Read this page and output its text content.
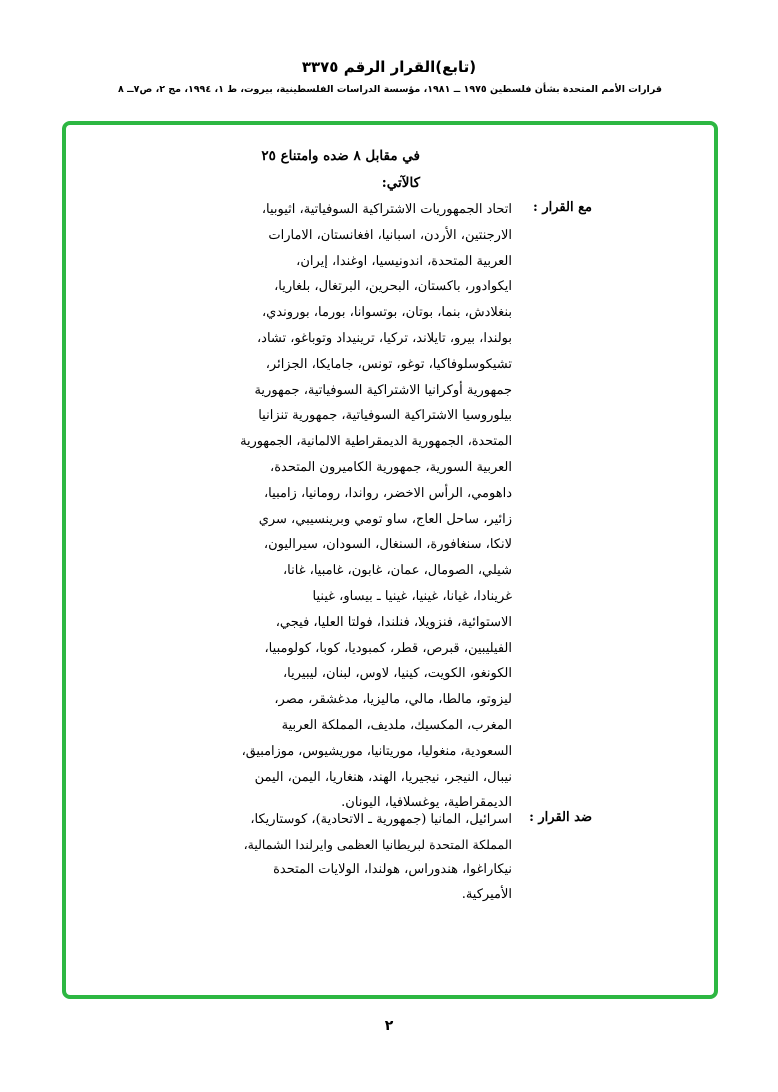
(تابع)القرار الرقم ٣٣٧٥
قرارات الأمم المتحدة بشأن فلسطين ١٩٧٥ ــ ١٩٨١، مؤسسة الدراسات الفلسطينية، بيروت، ط ١، ١٩٩٤، مج ٢، ص٧ــ ٨
في مقابل ٨ ضده وامتناع ٢٥
كالآتي:
مع القرار :
اتحاد الجمهوريات الاشتراكية السوفياتية، اثيوبيا،
الارجنتين، الأردن، اسبانيا، افغانستان، الامارات
العربية المتحدة، اندونيسيا، اوغندا، إيران،
ايكوادور، باكستان، البحرين، البرتغال، بلغاريا،
بنغلادش، بنما، بوتان، بوتسوانا، بورما، بوروندي،
بولندا، بيرو، تايلاند، تركيا، ترينيداد وتوباغو، تشاد،
تشيكوسلوفاكيا، توغو، تونس، جامايكا، الجزائر،
جمهورية أوكرانيا الاشتراكية السوفياتية، جمهورية
بيلوروسيا الاشتراكية السوفياتية، جمهورية تنزانيا
المتحدة، الجمهورية الديمقراطية الالمانية، الجمهورية
العربية السورية، جمهورية الكاميرون المتحدة،
داهومي، الرأس الاخضر، رواندا، رومانيا، زامبيا،
زائير، ساحل العاج، ساو تومي وبرينسيبي، سري
لانكا، سنغافورة، السنغال، السودان، سيراليون،
شيلي، الصومال، عمان، غابون، غامبيا، غانا،
غرينادا، غيانا، غينيا، غينيا ـ بيساو، غينيا
الاستوائية، فنزويلا، فنلندا، فولتا العليا، فيجي،
الفيليبين، قبرص، قطر، كمبوديا، كوبا، كولومبيا،
الكونغو، الكويت، كينيا، لاوس، لبنان، ليبيريا،
ليزوتو، مالطا، مالي، ماليزيا، مدغشقر، مصر،
المغرب، المكسيك، ملديف، المملكة العربية
السعودية، منغوليا، موريتانيا، موريشيوس، موزامبيق،
نيبال، النيجر، نيجيريا، الهند، هنغاريا، اليمن، اليمن
الديمقراطية، يوغسلافيا، اليونان.
ضد القرار :
اسرائيل، المانيا (جمهورية ـ الاتحادية)، كوستاريكا،
المملكة المتحدة لبريطانيا العظمى وايرلندا الشمالية،
نيكاراغوا، هندوراس، هولندا، الولايات المتحدة
الأميركية.
٢
